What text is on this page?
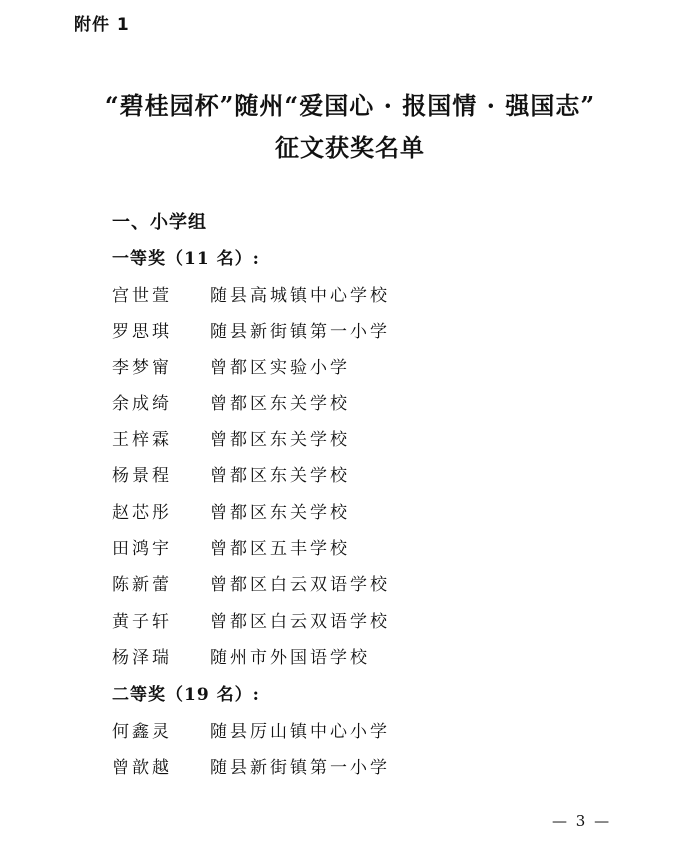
附件 1
“碧桂园杯”随州“爱国心 · 报国情 · 强国志”
征文获奖名单
一、小学组
一等奖（11 名）:
宫世萱 随县高城镇中心学校
罗思琪 随县新街镇第一小学
李梦甯 曾都区实验小学
余成绮 曾都区东关学校
王梓霖 曾都区东关学校
杨景程 曾都区东关学校
赵芯彤 曾都区东关学校
田鸿宇 曾都区五丰学校
陈新蕾 曾都区白云双语学校
黄子轩 曾都区白云双语学校
杨泽瑞 随州市外国语学校
二等奖（19 名）:
何鑫灵 随县厉山镇中心小学
曾歆越 随县新街镇第一小学
— 3 —
